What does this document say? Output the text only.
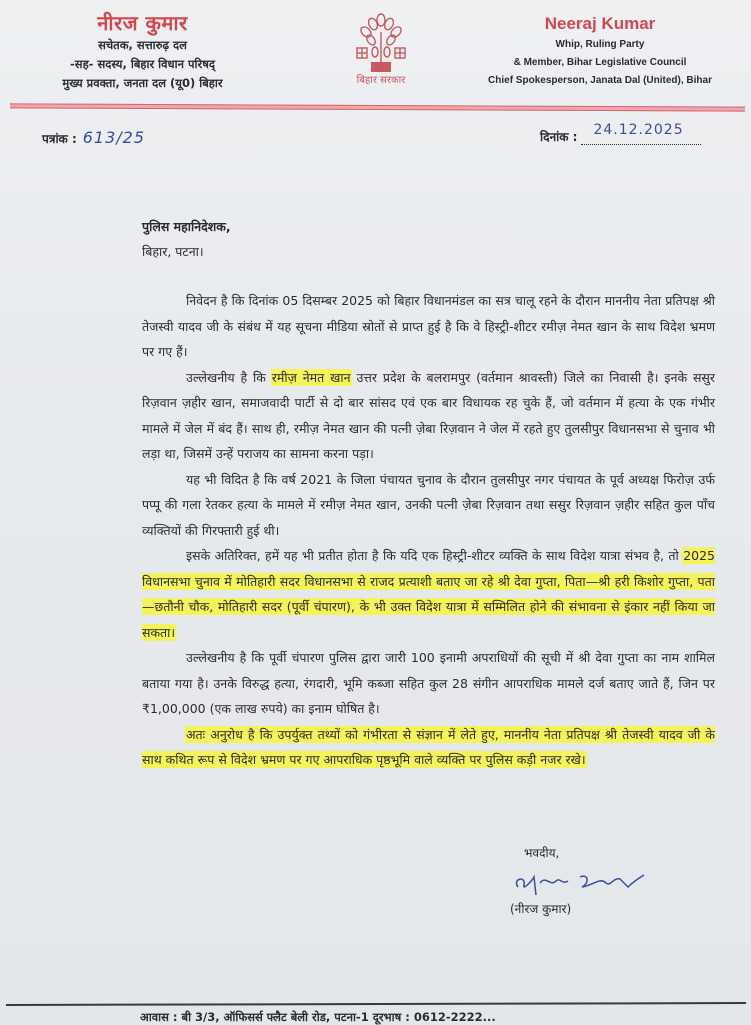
नीरज कुमार
सचेतक, सत्तारुढ़ दल
-सह- सदस्य, बिहार विधान परिषद्
मुख्य प्रवक्ता, जनता दल (यू0) बिहार	बिहार सरकार
Neeraj Kumar
Whip, Ruling Party
& Member, Bihar Legislative Council
Chief Spokesperson, Janata Dal (United), Bihar
पत्रांक : 613/25	दिनांक : 24.12.2025
पुलिस महानिदेशक,
बिहार, पटना।

निवेदन है कि दिनांक 05 दिसम्बर 2025 को बिहार विधानमंडल का सत्र चालू रहने के दौरान माननीय नेता प्रतिपक्ष श्री तेजस्वी यादव जी के संबंध में यह सूचना मीडिया स्रोतों से प्राप्त हुई है कि वे हिस्ट्री-शीटर रमीज़ नेमत खान के साथ विदेश भ्रमण पर गए हैं।

उल्लेखनीय है कि रमीज़ नेमत खान उत्तर प्रदेश के बलरामपुर (वर्तमान श्रावस्ती) जिले का निवासी है। इनके ससुर रिज़वान ज़हीर खान, समाजवादी पार्टी से दो बार सांसद एवं एक बार विधायक रह चुके हैं, जो वर्तमान में हत्या के एक गंभीर मामले में जेल में बंद हैं। साथ ही, रमीज़ नेमत खान की पत्नी ज़ेबा रिज़वान ने जेल में रहते हुए तुलसीपुर विधानसभा से चुनाव भी लड़ा था, जिसमें उन्हें पराजय का सामना करना पड़ा।

यह भी विदित है कि वर्ष 2021 के जिला पंचायत चुनाव के दौरान तुलसीपुर नगर पंचायत के पूर्व अध्यक्ष फिरोज़ उर्फ पप्पू की गला रेतकर हत्या के मामले में रमीज़ नेमत खान, उनकी पत्नी ज़ेबा रिज़वान तथा ससुर रिज़वान ज़हीर सहित कुल पाँच व्यक्तियों की गिरफ्तारी हुई थी।

इसके अतिरिक्त, हमें यह भी प्रतीत होता है कि यदि एक हिस्ट्री-शीटर व्यक्ति के साथ विदेश यात्रा संभव है, तो 2025 विधानसभा चुनाव में मोतिहारी सदर विधानसभा से राजद प्रत्याशी बताए जा रहे श्री देवा गुप्ता, पिता—श्री हरी किशोर गुप्ता, पता—छतौनी चौक, मोतिहारी सदर (पूर्वी चंपारण), के भी उक्त विदेश यात्रा में सम्मिलित होने की संभावना से इंकार नहीं किया जा सकता।

उल्लेखनीय है कि पूर्वी चंपारण पुलिस द्वारा जारी 100 इनामी अपराधियों की सूची में श्री देवा गुप्ता का नाम शामिल बताया गया है। उनके विरुद्ध हत्या, रंगदारी, भूमि कब्जा सहित कुल 28 संगीन आपराधिक मामले दर्ज बताए जाते हैं, जिन पर ₹1,00,000 (एक लाख रुपये) का इनाम घोषित है।

अतः अनुरोध है कि उपर्युक्त तथ्यों को गंभीरता से संज्ञान में लेते हुए, माननीय नेता प्रतिपक्ष श्री तेजस्वी यादव जी के साथ कथित रूप से विदेश भ्रमण पर गए आपराधिक पृष्ठभूमि वाले व्यक्ति पर पुलिस कड़ी नजर रखे।

भवदीय,
(नीरज कुमार)
आवास : बी 3/3, ऑफिसर्स फ्लैट बेली रोड, पटना-1 दूरभाष : 0612-2222...
